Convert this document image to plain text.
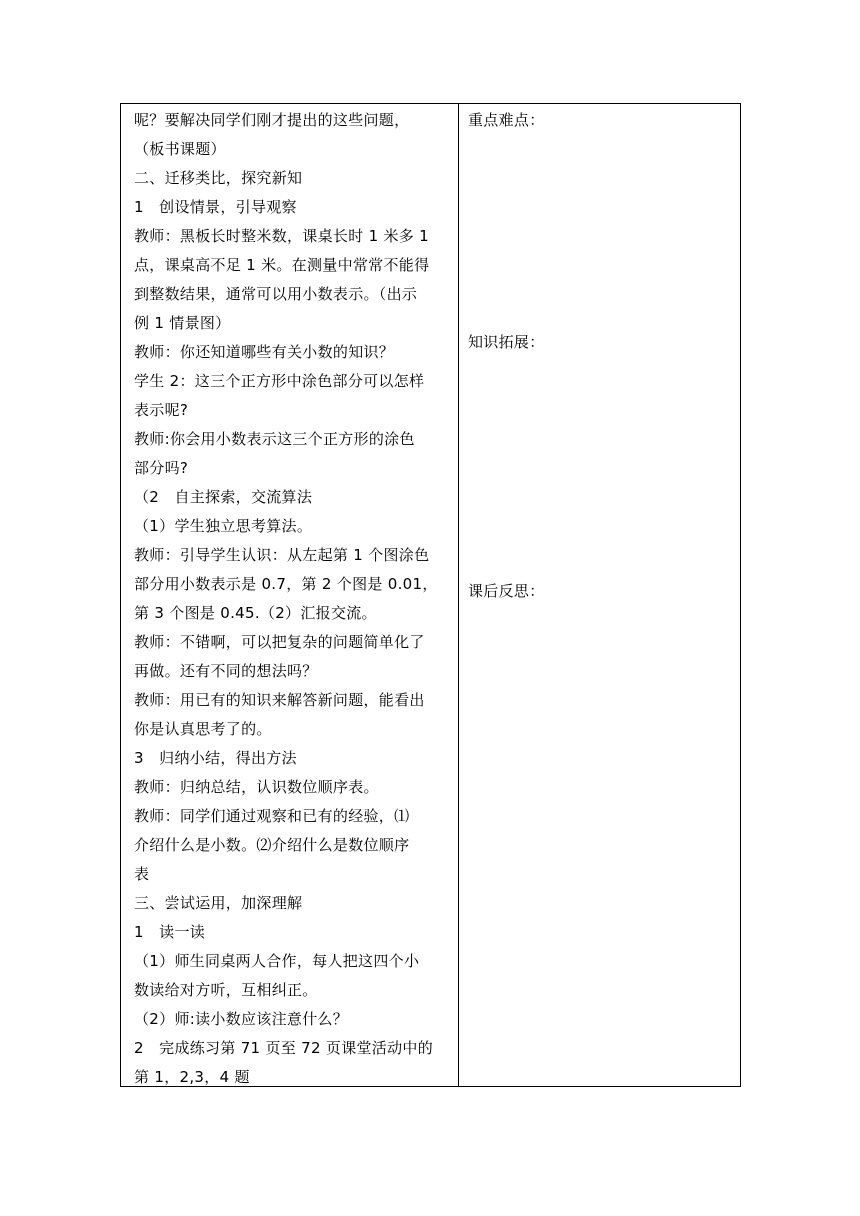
呢？要解决同学们刚才提出的这些问题，
（板书课题）
二、迁移类比，探究新知
1　创设情景，引导观察
教师：黑板长时整米数，课桌长时 1 米多 1
点，课桌高不足 1 米。在测量中常常不能得
到整数结果，通常可以用小数表示。（出示
例 1 情景图）
教师：你还知道哪些有关小数的知识？
学生 2：这三个正方形中涂色部分可以怎样
表示呢?
教师:你会用小数表示这三个正方形的涂色
部分吗?
（2　自主探索，交流算法
（1）学生独立思考算法。
教师：引导学生认识：从左起第 1 个图涂色
部分用小数表示是 0.7，第 2 个图是 0.01，
第 3 个图是 0.45.（2）汇报交流。
教师：不错啊，可以把复杂的问题简单化了
再做。还有不同的想法吗？
教师：用已有的知识来解答新问题，能看出
你是认真思考了的。
3　归纳小结，得出方法
教师：归纳总结，认识数位顺序表。
教师：同学们通过观察和已有的经验，⑴
介绍什么是小数。⑵介绍什么是数位顺序
表
三、尝试运用，加深理解
1　读一读
（1）师生同桌两人合作，每人把这四个小
数读给对方听，互相纠正。
（2）师:读小数应该注意什么？
2　完成练习第 71 页至 72 页课堂活动中的
第 1，2,3，4 题
重点难点：
知识拓展：
课后反思：
